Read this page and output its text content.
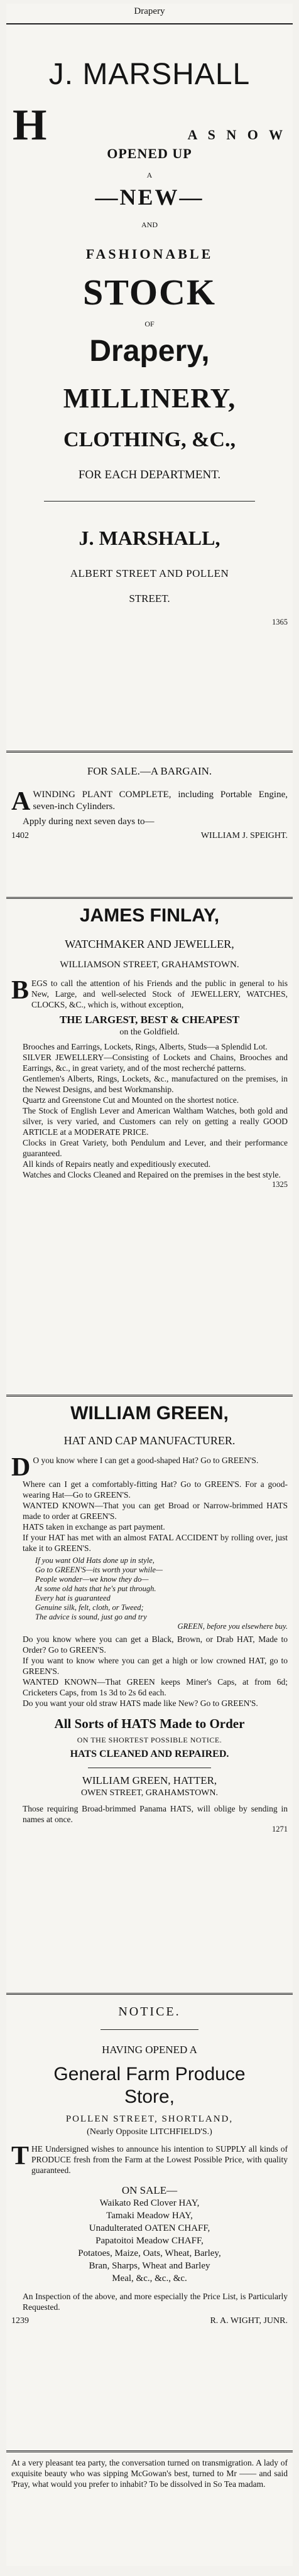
Drapery
J. MARSHALL
H	A S N O W
OPENED UP
A
—NEW—
AND
FASHIONABLE
STOCK
OF
Drapery,
MILLINERY,
CLOTHING, &C.,
FOR EACH DEPARTMENT.
J. MARSHALL,
ALBERT STREET AND POLLEN
STREET.
1365
FOR SALE.—A BARGAIN.
A WINDING PLANT COMPLETE, including Portable Engine, seven-inch Cylinders.
Apply during next seven days to—
1402	WILLIAM J. SPEIGHT.
JAMES FINLAY,
WATCHMAKER AND JEWELLER,
WILLIAMSON STREET, GRAHAMSTOWN.
B EGS to call the attention of his Friends and the public in general to his New, Large, and well-selected Stock of JEWELLERY, WATCHES, CLOCKS, &C., which is, without exception,
THE LARGEST, BEST & CHEAPEST
on the Goldfield.
Brooches and Earrings, Lockets, Rings, Alberts, Studs—a Splendid Lot.
SILVER JEWELLERY—Consisting of Lockets and Chains, Brooches and Earrings, &c., in great variety, and of the most recherché patterns.
Gentlemen's Alberts, Rings, Lockets, &c., manufactured on the premises, in the Newest Designs, and best Workmanship.
Quartz and Greenstone Cut and Mounted on the shortest notice.
The Stock of English Lever and American Waltham Watches, both gold and silver, is very varied, and Customers can rely on getting a really GOOD ARTICLE at a MODERATE PRICE.
Clocks in Great Variety, both Pendulum and Lever, and their performance guaranteed.
All kinds of Repairs neatly and expeditiously executed.
Watches and Clocks Cleaned and Repaired on the premises in the best style.
1325
WILLIAM GREEN,
HAT AND CAP MANUFACTURER.
D O you know where I can get a good-shaped Hat? Go to GREEN'S.
Where can I get a comfortably-fitting Hat? Go to GREEN'S. For a good-wearing Hat—Go to GREEN'S.
WANTED KNOWN—That you can get Broad or Narrow-brimmed HATS made to order at GREEN'S.
HATS taken in exchange as part payment.
If your HAT has met with an almost FATAL ACCIDENT by rolling over, just take it to GREEN'S.
If you want Old Hats done up in style,
Go to GREEN'S—its worth your while—
People wonder—we know they do—
At some old hats that he's put through.
Every hat is guaranteed
Genuine silk, felt, cloth, or Tweed;
The advice is sound, just go and try
GREEN, before you elsewhere buy.
Do you know where you can get a Black, Brown, or Drab HAT, Made to Order? Go to GREEN'S.
If you want to know where you can get a high or low crowned HAT, go to GREEN'S.
WANTED KNOWN—That GREEN keeps Miner's Caps, at from 6d; Cricketers Caps, from 1s 3d to 2s 6d each.
Do you want your old straw HATS made like New? Go to GREEN'S.
All Sorts of HATS Made to Order
ON THE SHORTEST POSSIBLE NOTICE.
HATS CLEANED AND REPAIRED.
WILLIAM GREEN, HATTER,
OWEN STREET, GRAHAMSTOWN.
Those requiring Broad-brimmed Panama HATS, will oblige by sending in names at once.
1271
NOTICE.
HAVING OPENED A
General Farm Produce
Store,
POLLEN STREET, SHORTLAND,
(Nearly Opposite LITCHFIELD'S.)
T HE Undersigned wishes to announce his intention to SUPPLY all kinds of PRODUCE fresh from the Farm at the Lowest Possible Price, with quality guaranteed.
ON SALE—
Waikato Red Clover HAY,
Tamaki Meadow HAY,
Unadulterated OATEN CHAFF,
Papatoitoi Meadow CHAFF,
Potatoes, Maize, Oats, Wheat, Barley,
Bran, Sharps, Wheat and Barley
Meal, &c., &c., &c.
An Inspection of the above, and more especially the Price List, is Particularly Requested.
1239	R. A. WIGHT, JUNR.
At a very pleasant tea party, the conversation turned on transmigration. A lady of exquisite beauty who was sipping McGowan's best, turned to Mr —— and said 'Pray, what would you prefer to inhabit? To be dissolved in So Tea madam.
